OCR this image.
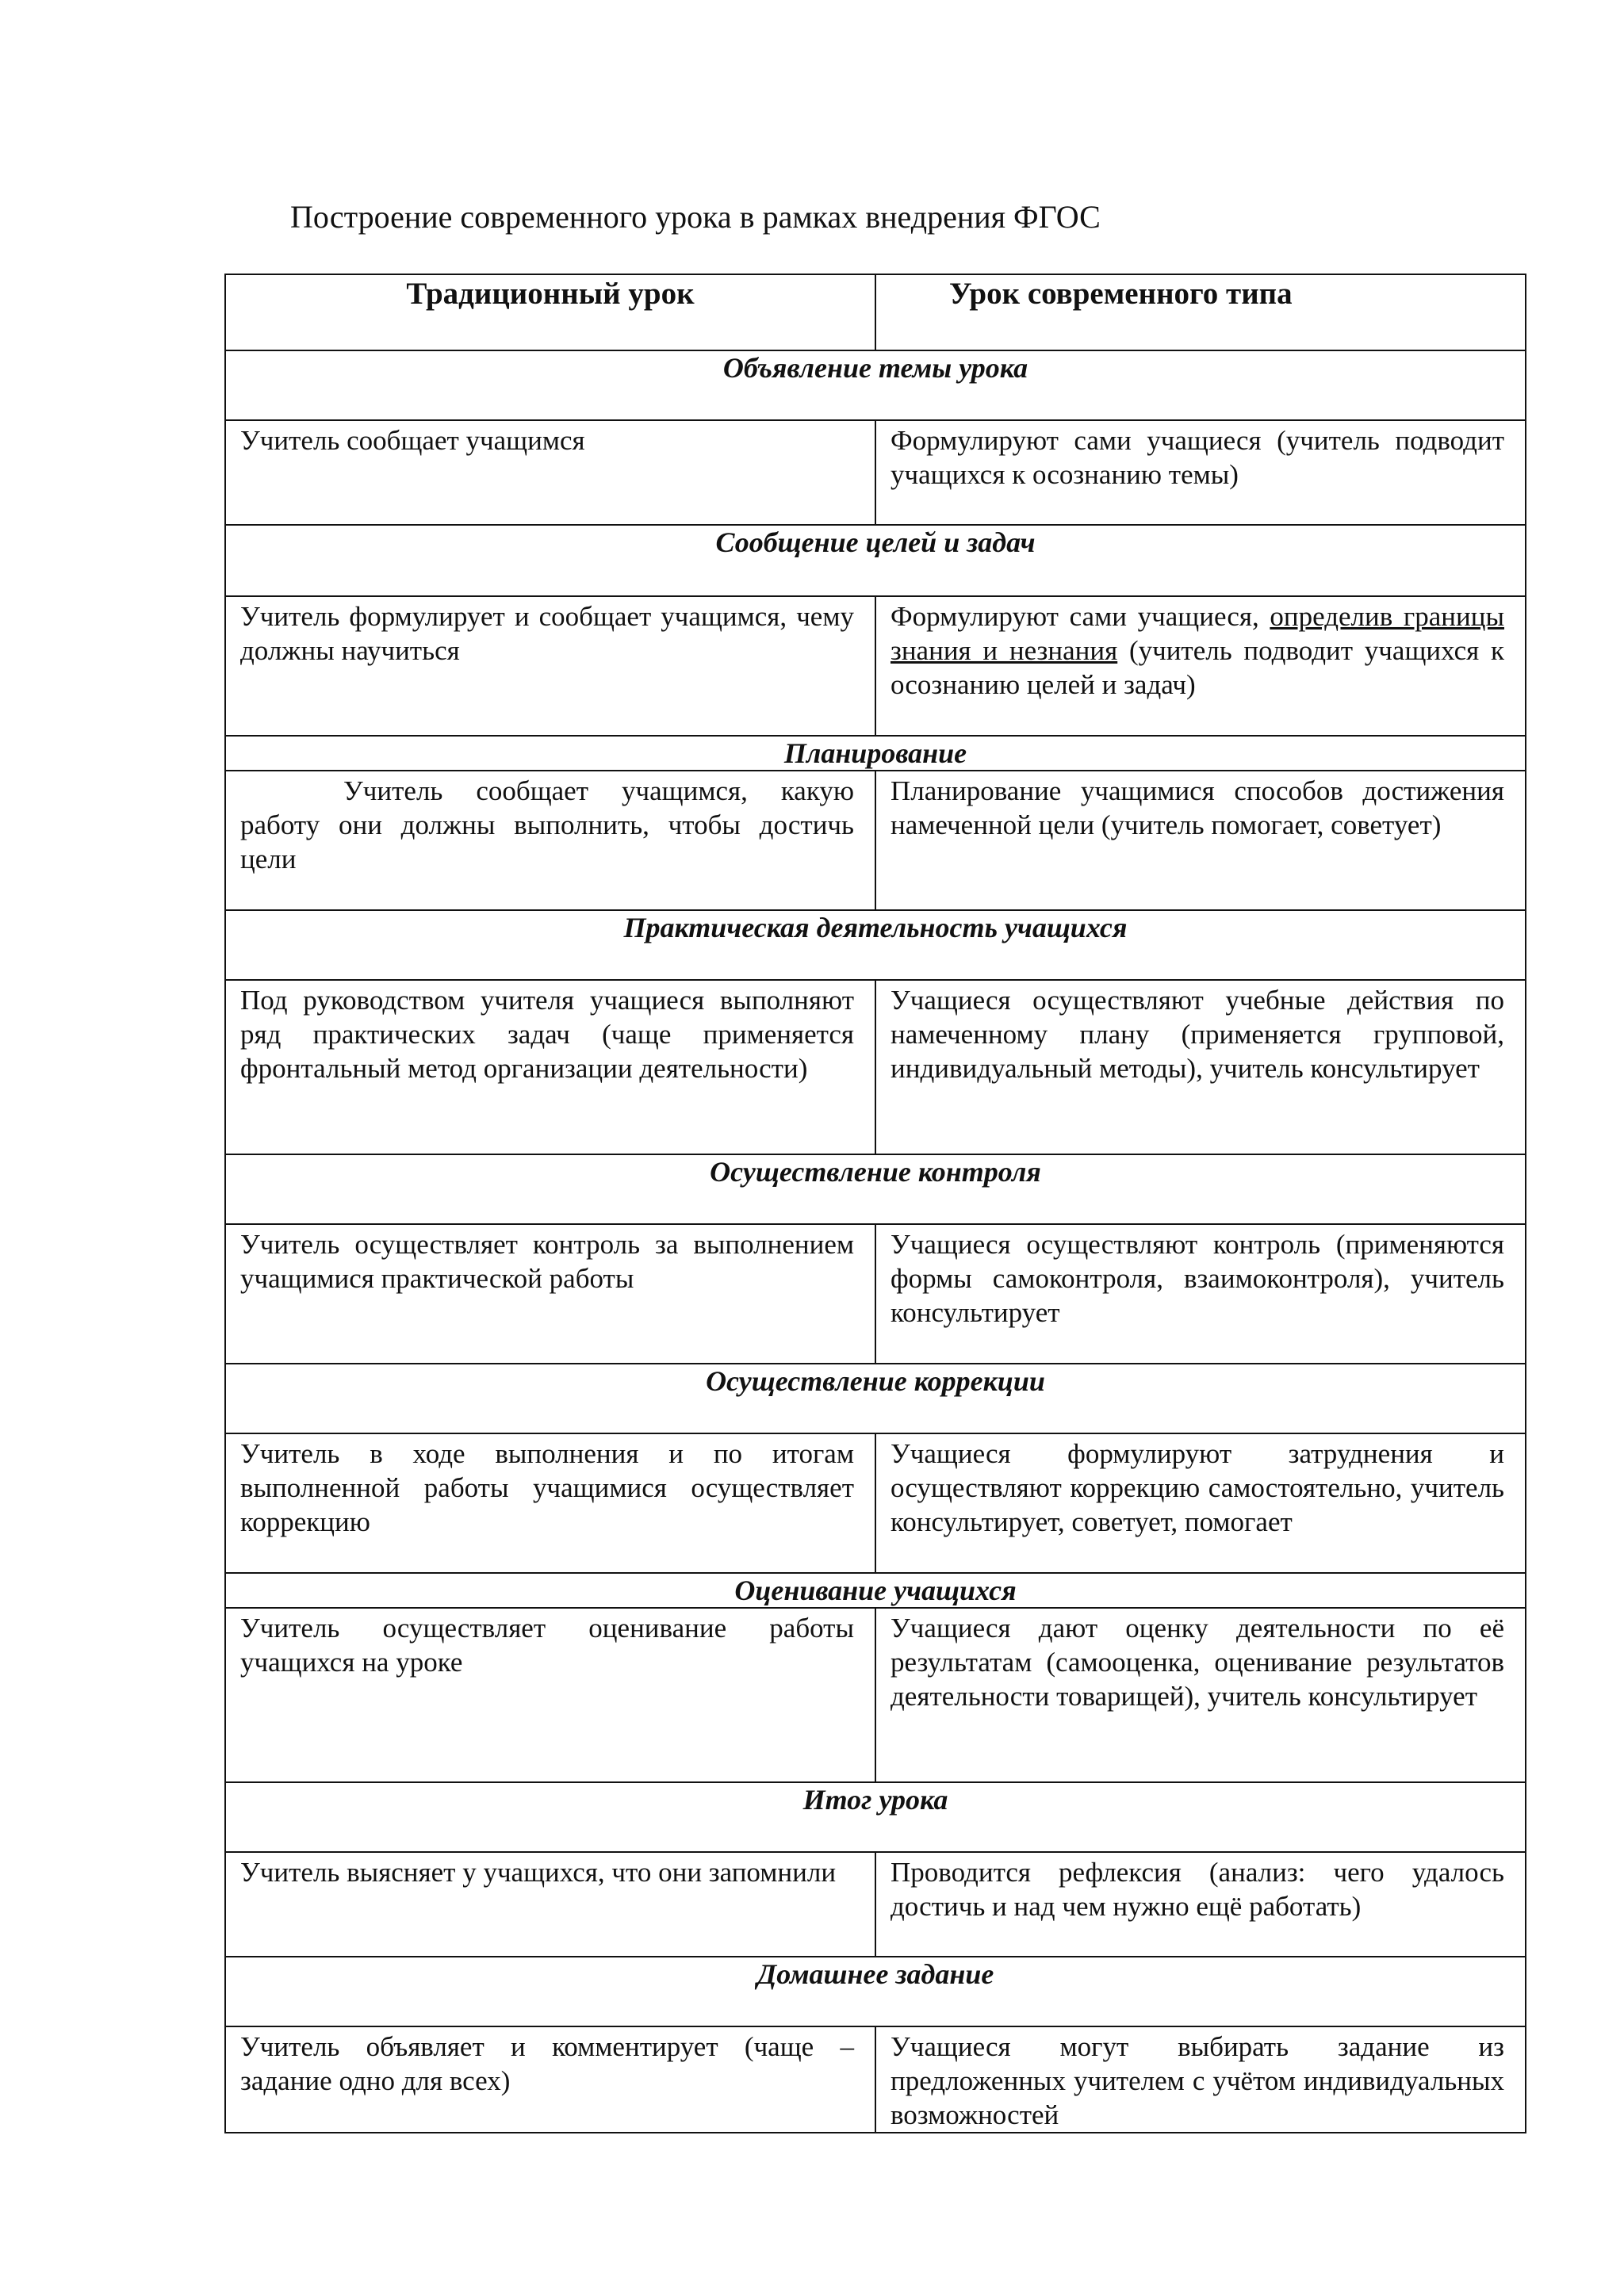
Построение современного урока в рамках внедрения ФГОС
Традиционный урок	Урок современного типа
Объявление темы урока	
Учитель сообщает учащимся	Формулируют сами учащиеся (учитель подводит учащихся к осознанию темы)
Сообщение целей и задач	
Учитель формулирует и сообщает учащимся, чему должны научиться	Формулируют сами учащиеся, определив границы знания и незнания (учитель подводит учащихся к осознанию целей и задач)
Планирование	
Учитель сообщает учащимся, какую работу они должны выполнить, чтобы достичь цели	Планирование учащимися способов достижения намеченной цели (учитель помогает, советует)
Практическая деятельность учащихся	
Под руководством учителя учащиеся выполняют ряд практических задач (чаще применяется фронтальный метод организации деятельности)	Учащиеся осуществляют учебные действия по намеченному плану (применяется групповой, индивидуальный методы), учитель консультирует
Осуществление контроля	
Учитель осуществляет контроль за выполнением учащимися практической работы	Учащиеся осуществляют контроль (применяются формы самоконтроля, взаимоконтроля), учитель консультирует
Осуществление коррекции	
Учитель в ходе выполнения и по итогам выполненной работы учащимися осуществляет коррекцию	Учащиеся формулируют затруднения и осуществляют коррекцию самостоятельно, учитель консультирует, советует, помогает
Оценивание учащихся	
Учитель осуществляет оценивание работы учащихся на уроке	Учащиеся дают оценку деятельности по её результатам (самооценка, оценивание результатов деятельности товарищей), учитель консультирует
Итог урока	
Учитель выясняет у учащихся, что они запомнили	Проводится рефлексия (анализ: чего удалось достичь и над чем нужно ещё работать)
Домашнее задание	
Учитель объявляет и комментирует (чаще – задание одно для всех)	Учащиеся могут выбирать задание из предложенных учителем с учётом индивидуальных возможностей
